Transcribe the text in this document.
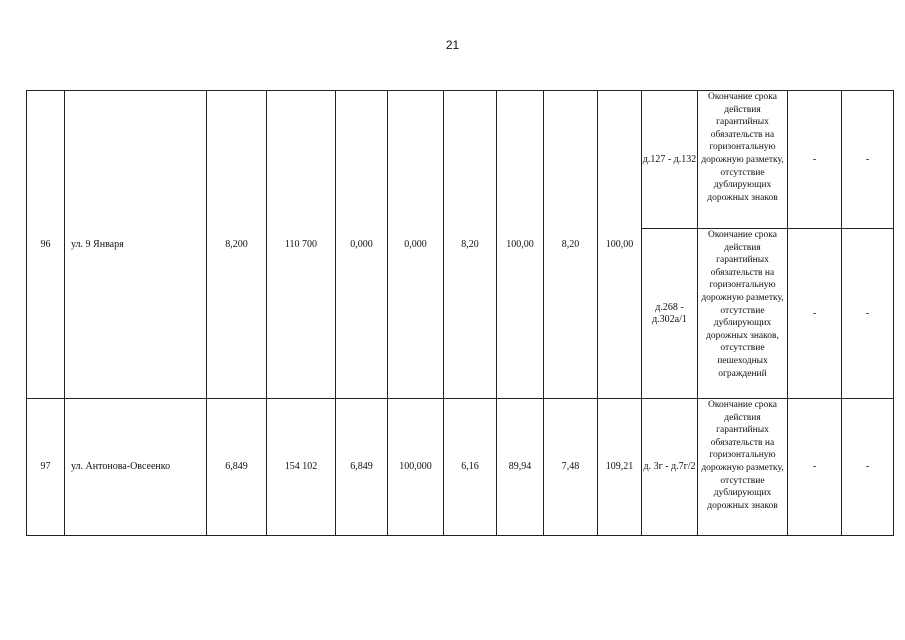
21
96	ул. 9 Января	8,200	110 700	0,000	0,000	8,20	100,00	8,20	100,00	д.127 - д.132	Окончание срока действия гарантийных обязательств на горизонтальную дорожную разметку, отсутствие дублирующих дорожных знаков	-	-
										д.268 - д.302а/1	Окончание срока действия гарантийных обязательств на горизонтальную дорожную разметку, отсутствие дублирующих дорожных знаков, отсутствие пешеходных ограждений	-	-
97	ул. Антонова-Овсеенко	6,849	154 102	6,849	100,000	6,16	89,94	7,48	109,21	д. 3г - д.7г/2	Окончание срока действия гарантийных обязательств на горизонтальную дорожную разметку, отсутствие дублирующих дорожных знаков	-	-
